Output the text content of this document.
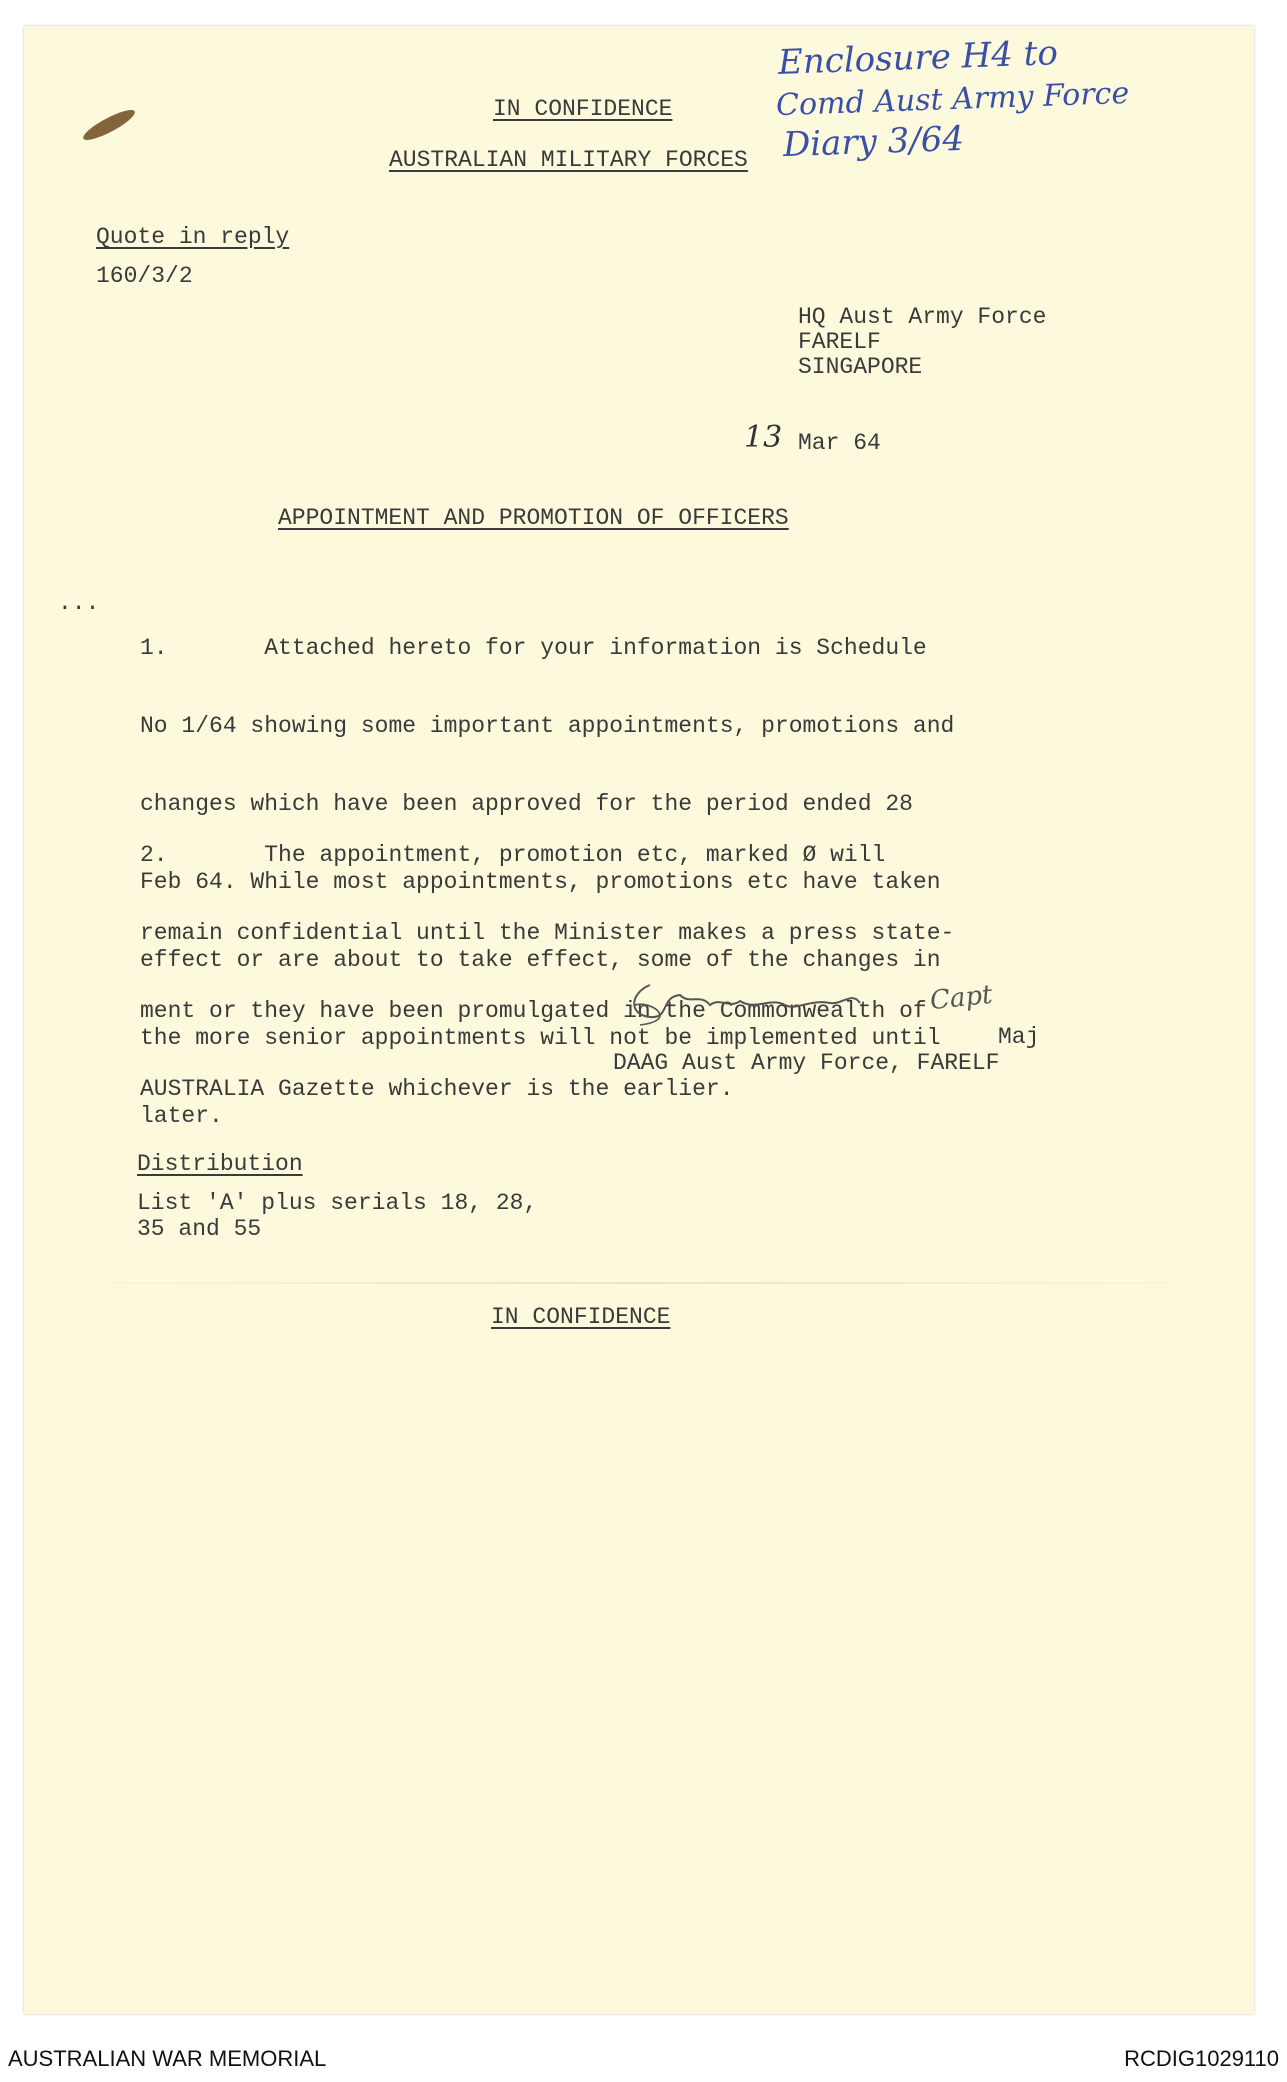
IN CONFIDENCE
AUSTRALIAN MILITARY FORCES
Enclosure H4 to
Comd Aust Army Force
Diary 3/64
Quote in reply
160/3/2
HQ Aust Army Force
FARELF
SINGAPORE
13 Mar 64
APPOINTMENT AND PROMOTION OF OFFICERS
...

1.       Attached hereto for your information is Schedule

No 1/64 showing some important appointments, promotions and

changes which have been approved for the period ended 28

Feb 64. While most appointments, promotions etc have taken

effect or are about to take effect, some of the changes in

the more senior appointments will not be implemented until

later.

2.       The appointment, promotion etc, marked Ø will

remain confidential until the Minister makes a press state-

ment or they have been promulgated in the Commonwealth of

AUSTRALIA Gazette whichever is the earlier.

Capt
Maj
DAAG Aust Army Force, FARELF
Distribution
List 'A' plus serials 18, 28,
35 and 55
IN CONFIDENCE
AUSTRALIAN WAR MEMORIAL	RCDIG1029110
